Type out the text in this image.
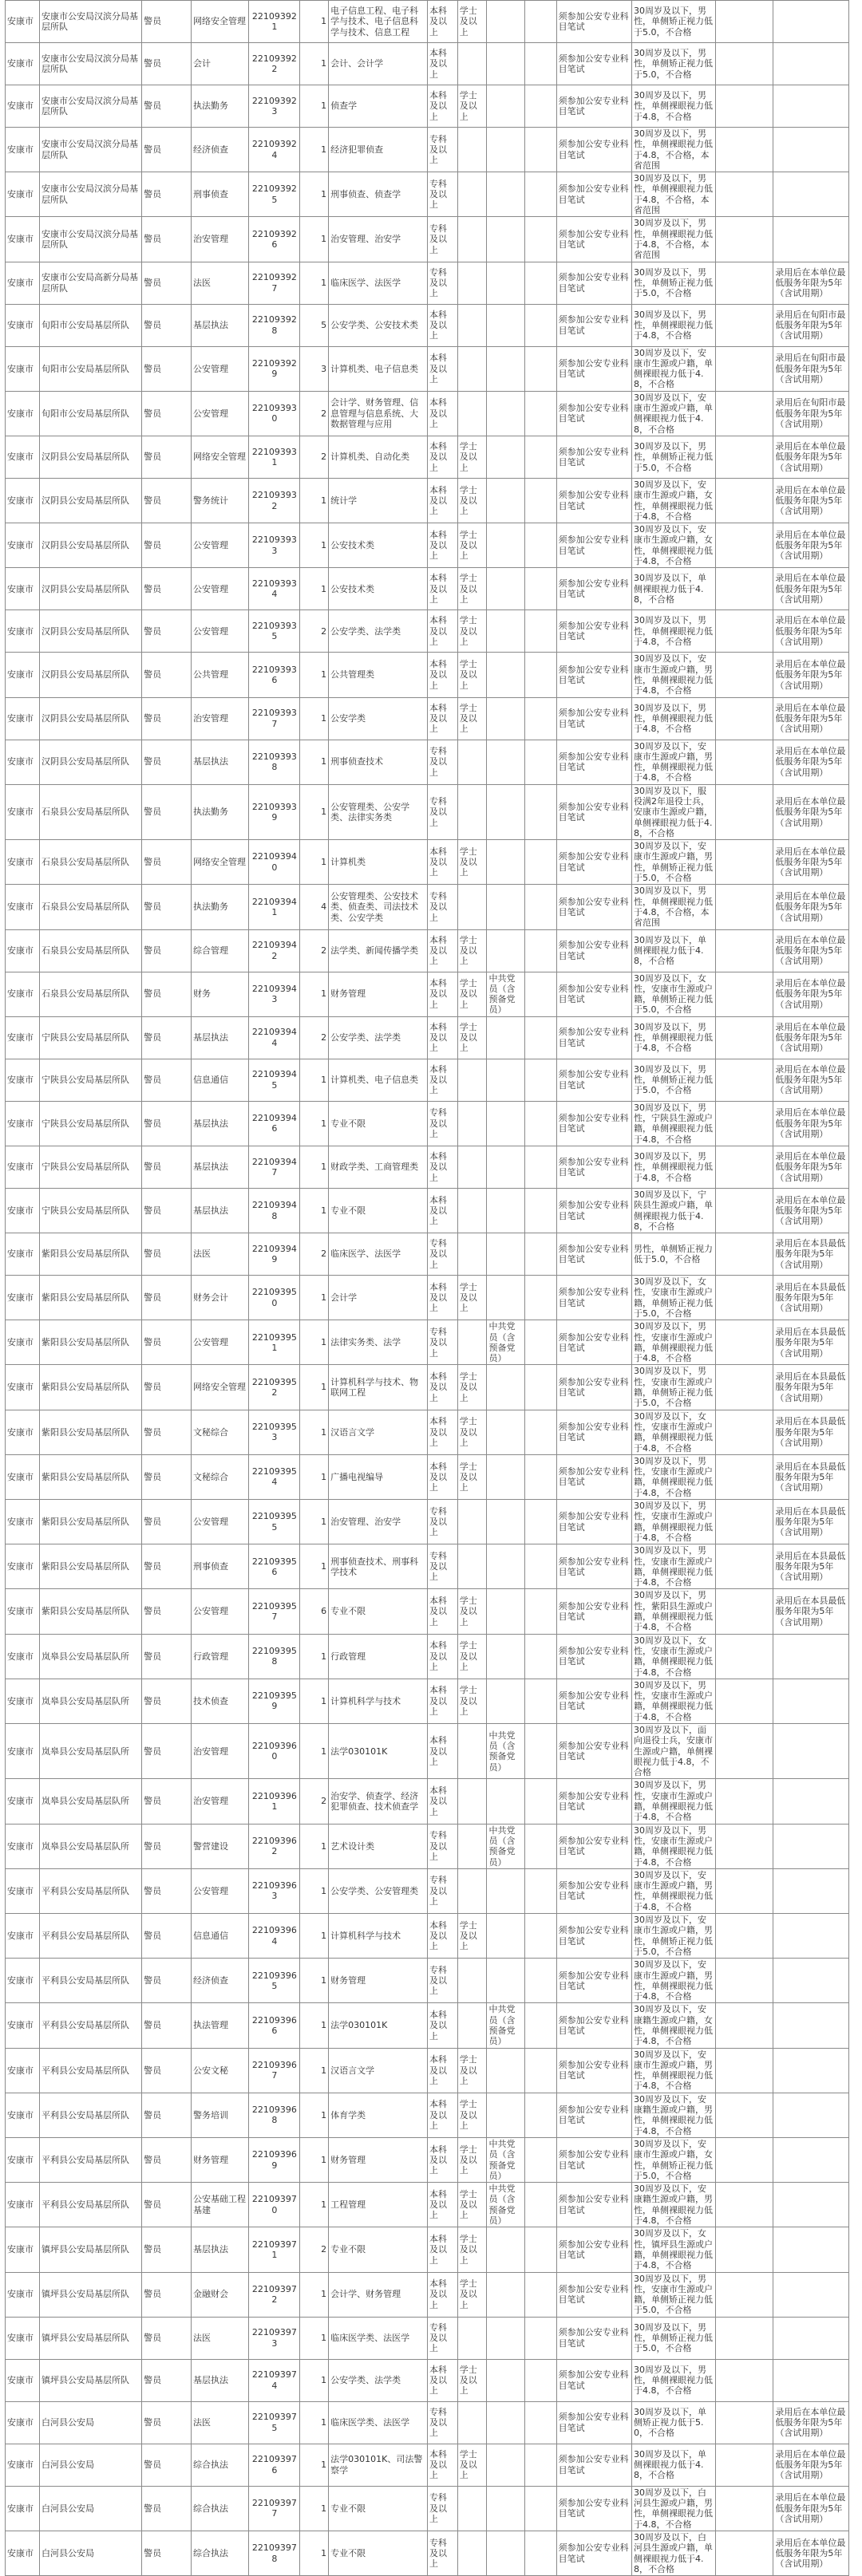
安康市	安康市公安局汉滨分局基层所队	警员	网络安全管理	221093921	1	电子信息工程、电子科学与技术、电子信息科学与技术、信息工程	本科及以上	学士及以上			须参加公安专业科目笔试	30周岁及以下，男性，单侧矫正视力低于5.0，不合格		
安康市	安康市公安局汉滨分局基层所队	警员	会计	221093922	1	会计、会计学	本科及以上				须参加公安专业科目笔试	30周岁及以下，男性，单侧矫正视力低于5.0，不合格		
安康市	安康市公安局汉滨分局基层所队	警员	执法勤务	221093923	1	侦查学	本科及以上	学士及以上			须参加公安专业科目笔试	30周岁及以下，男性，单侧裸眼视力低于4.8，不合格		
安康市	安康市公安局汉滨分局基层所队	警员	经济侦查	221093924	1	经济犯罪侦查	专科及以上				须参加公安专业科目笔试	30周岁及以下，男性，单侧裸眼视力低于4.8，不合格，本省范围		
安康市	安康市公安局汉滨分局基层所队	警员	刑事侦查	221093925	1	刑事侦查、侦查学	专科及以上				须参加公安专业科目笔试	30周岁及以下，男性，单侧裸眼视力低于4.8，不合格，本省范围		
安康市	安康市公安局汉滨分局基层所队	警员	治安管理	221093926	1	治安管理、治安学	专科及以上				须参加公安专业科目笔试	30周岁及以下，男性，单侧裸眼视力低于4.8，不合格，本省范围		
安康市	安康市公安局高新分局基层所队	警员	法医	221093927	1	临床医学、法医学	专科及以上				须参加公安专业科目笔试	30周岁及以下，男性，单侧矫正视力低于5.0，不合格		录用后在本单位最低服务年限为5年（含试用期）
安康市	旬阳市公安局基层所队	警员	基层执法	221093928	5	公安学类、公安技术类	本科及以上				须参加公安专业科目笔试	30周岁及以下，男性，单侧裸眼视力低于4.8，不合格		录用后在旬阳市最低服务年限为5年（含试用期）
安康市	旬阳市公安局基层所队	警员	公安管理	221093929	3	计算机类、电子信息类	本科及以上				须参加公安专业科目笔试	30周岁及以下，安康市生源或户籍，单侧裸眼视力低于4.8，不合格		录用后在旬阳市最低服务年限为5年（含试用期）
安康市	旬阳市公安局基层所队	警员	公安管理	221093930	2	会计学、财务管理、信息管理与信息系统、大数据管理与应用	本科及以上				须参加公安专业科目笔试	30周岁及以下，安康市生源或户籍，单侧裸眼视力低于4.8，不合格		录用后在旬阳市最低服务年限为5年（含试用期）
安康市	汉阴县公安局基层所队	警员	网络安全管理	221093931	2	计算机类、自动化类	本科及以上	学士及以上			须参加公安专业科目笔试	30周岁及以下，男性，单侧矫正视力低于5.0，不合格		录用后在本单位最低服务年限为5年（含试用期）
安康市	汉阴县公安局基层所队	警员	警务统计	221093932	1	统计学	本科及以上	学士及以上			须参加公安专业科目笔试	30周岁及以下，安康市生源或户籍，女性，单侧裸眼视力低于4.8，不合格		录用后在本单位最低服务年限为5年（含试用期）
安康市	汉阴县公安局基层所队	警员	公安管理	221093933	1	公安技术类	本科及以上	学士及以上			须参加公安专业科目笔试	30周岁及以下，安康市生源或户籍，女性，单侧裸眼视力低于4.8，不合格		录用后在本单位最低服务年限为5年（含试用期）
安康市	汉阴县公安局基层所队	警员	公安管理	221093934	1	公安技术类	本科及以上	学士及以上			须参加公安专业科目笔试	30周岁及以下，单侧裸眼视力低于4.8，不合格		录用后在本单位最低服务年限为5年（含试用期）
安康市	汉阴县公安局基层所队	警员	公安管理	221093935	2	公安学类、法学类	本科及以上	学士及以上			须参加公安专业科目笔试	30周岁及以下，男性，单侧裸眼视力低于4.8，不合格		录用后在本单位最低服务年限为5年（含试用期）
安康市	汉阴县公安局基层所队	警员	公共管理	221093936	1	公共管理类	本科及以上	学士及以上			须参加公安专业科目笔试	30周岁及以下，安康市生源或户籍，男性，单侧裸眼视力低于4.8，不合格		录用后在本单位最低服务年限为5年（含试用期）
安康市	汉阴县公安局基层所队	警员	治安管理	221093937	1	公安学类	本科及以上	学士及以上			须参加公安专业科目笔试	30周岁及以下，男性，单侧裸眼视力低于4.8，不合格		录用后在本单位最低服务年限为5年（含试用期）
安康市	汉阴县公安局基层所队	警员	基层执法	221093938	1	刑事侦查技术	专科及以上				须参加公安专业科目笔试	30周岁及以下，安康市生源或户籍，男性，单侧裸眼视力低于4.8，不合格		录用后在本单位最低服务年限为5年（含试用期）
安康市	石泉县公安局基层所队	警员	执法勤务	221093939	1	公安管理类、公安学类、法律实务类	专科及以上				须参加公安专业科目笔试	30周岁及以下，服役满2年退役士兵，安康市生源或户籍，单侧裸眼视力低于4.8，不合格		录用后在本单位最低服务年限为5年（含试用期）
安康市	石泉县公安局基层所队	警员	网络安全管理	221093940	1	计算机类	本科及以上	学士及以上			须参加公安专业科目笔试	30周岁及以下，安康市生源或户籍，男性，单侧矫正视力低于5.0，不合格		录用后在本单位最低服务年限为5年（含试用期）
安康市	石泉县公安局基层所队	警员	执法勤务	221093941	4	公安管理类、公安技术类、侦查类、司法技术类、公安学类	专科及以上				须参加公安专业科目笔试	30周岁及以下，男性，单侧裸眼视力低于4.8，不合格，本省范围		录用后在本单位最低服务年限为5年（含试用期）
安康市	石泉县公安局基层所队	警员	综合管理	221093942	2	法学类、新闻传播学类	本科及以上	学士及以上			须参加公安专业科目笔试	30周岁及以下，单侧裸眼视力低于4.8，不合格		录用后在本单位最低服务年限为5年（含试用期）
安康市	石泉县公安局基层所队	警员	财务	221093943	1	财务管理	本科及以上	学士及以上	中共党员（含预备党员）		须参加公安专业科目笔试	30周岁及以下，女性，安康市生源或户籍，单侧矫正视力低于5.0，不合格		录用后在本单位最低服务年限为5年（含试用期）
安康市	宁陕县公安局基层所队	警员	基层执法	221093944	2	公安学类、法学类	本科及以上	学士及以上			须参加公安专业科目笔试	30周岁及以下，男性，单侧裸眼视力低于4.8，不合格		录用后在本单位最低服务年限为5年（含试用期）
安康市	宁陕县公安局基层所队	警员	信息通信	221093945	1	计算机类、电子信息类	本科及以上				须参加公安专业科目笔试	30周岁及以下，男性，单侧矫正视力低于5.0，不合格		录用后在本单位最低服务年限为5年（含试用期）
安康市	宁陕县公安局基层所队	警员	基层执法	221093946	1	专业不限	专科及以上				须参加公安专业科目笔试	30周岁及以下，男性，宁陕县生源或户籍，单侧裸眼视力低于4.8，不合格		录用后在本单位最低服务年限为5年（含试用期）
安康市	宁陕县公安局基层所队	警员	基层执法	221093947	1	财政学类、工商管理类	本科及以上				须参加公安专业科目笔试	30周岁及以下，男性，单侧裸眼视力低于4.8，不合格		录用后在本单位最低服务年限为5年（含试用期）
安康市	宁陕县公安局基层所队	警员	基层执法	221093948	1	专业不限	本科及以上				须参加公安专业科目笔试	30周岁及以下，宁陕县生源或户籍，单侧裸眼视力低于4.8，不合格		录用后在本单位最低服务年限为5年（含试用期）
安康市	紫阳县公安局基层所队	警员	法医	221093949	2	临床医学、法医学	专科及以上				须参加公安专业科目笔试	男性，单侧矫正视力低于5.0，不合格		录用后在本县最低服务年限为5年（含试用期）
安康市	紫阳县公安局基层所队	警员	财务会计	221093950	1	会计学	本科及以上	学士及以上			须参加公安专业科目笔试	30周岁及以下，女性，安康市生源或户籍，单侧矫正视力低于5.0，不合格		录用后在本县最低服务年限为5年（含试用期）
安康市	紫阳县公安局基层所队	警员	公安管理	221093951	1	法律实务类、法学	专科及以上		中共党员（含预备党员）		须参加公安专业科目笔试	30周岁及以下，男性，安康市生源或户籍，单侧裸眼视力低于4.8，不合格		录用后在本县最低服务年限为5年（含试用期）
安康市	紫阳县公安局基层所队	警员	网络安全管理	221093952	1	计算机科学与技术、物联网工程	本科及以上	学士及以上			须参加公安专业科目笔试	30周岁及以下，男性，安康市生源或户籍，单侧矫正视力低于5.0，不合格		录用后在本县最低服务年限为5年（含试用期）
安康市	紫阳县公安局基层所队	警员	文秘综合	221093953	1	汉语言文学	本科及以上	学士及以上			须参加公安专业科目笔试	30周岁及以下，女性，安康市生源或户籍，单侧裸眼视力低于4.8，不合格		录用后在本县最低服务年限为5年（含试用期）
安康市	紫阳县公安局基层所队	警员	文秘综合	221093954	1	广播电视编导	本科及以上	学士及以上			须参加公安专业科目笔试	30周岁及以下，男性，安康市生源或户籍，单侧裸眼视力低于4.8，不合格		录用后在本县最低服务年限为5年（含试用期）
安康市	紫阳县公安局基层所队	警员	公安管理	221093955	1	治安管理、治安学	专科及以上				须参加公安专业科目笔试	30周岁及以下，男性，安康市生源或户籍，单侧裸眼视力低于4.8，不合格		录用后在本县最低服务年限为5年（含试用期）
安康市	紫阳县公安局基层所队	警员	刑事侦查	221093956	1	刑事侦查技术、刑事科学技术	专科及以上				须参加公安专业科目笔试	30周岁及以下，男性，安康市生源或户籍，单侧裸眼视力低于4.8，不合格		录用后在本县最低服务年限为5年（含试用期）
安康市	紫阳县公安局基层所队	警员	公安管理	221093957	6	专业不限	本科及以上	学士及以上			须参加公安专业科目笔试	30周岁及以下，男性，紫阳县生源或户籍，单侧裸眼视力低于4.8，不合格		录用后在本县最低服务年限为5年（含试用期）
安康市	岚皋县公安局基层队所	警员	行政管理	221093958	1	行政管理	本科及以上	学士及以上			须参加公安专业科目笔试	30周岁及以下，女性，安康市生源或户籍，单侧裸眼视力低于4.8，不合格		
安康市	岚皋县公安局基层队所	警员	技术侦查	221093959	1	计算机科学与技术	本科及以上	学士及以上			须参加公安专业科目笔试	30周岁及以下，男性，安康市生源或户籍，单侧裸眼视力低于4.8，不合格		
安康市	岚皋县公安局基层队所	警员	治安管理	221093960	1	法学030101K	本科及以上		中共党员（含预备党员）		须参加公安专业科目笔试	30周岁及以下，面向退役士兵，安康市生源或户籍，单侧裸眼视力低于4.8，不合格		
安康市	岚皋县公安局基层队所	警员	治安管理	221093961	2	治安学、侦查学、经济犯罪侦查、技术侦查学	本科及以上				须参加公安专业科目笔试	30周岁及以下，男性，安康市生源或户籍，单侧裸眼视力低于4.8，不合格		
安康市	岚皋县公安局基层队所	警员	警营建设	221093962	1	艺术设计类	专科及以上		中共党员（含预备党员）		须参加公安专业科目笔试	30周岁及以下，男性，安康市生源或户籍，单侧裸眼视力低于4.8，不合格		
安康市	平利县公安局基层所队	警员	公安管理	221093963	1	公安学类、公安管理类	专科及以上				须参加公安专业科目笔试	30周岁及以下，安康市生源或户籍，男性，单侧裸眼视力低于4.8，不合格		
安康市	平利县公安局基层所队	警员	信息通信	221093964	1	计算机科学与技术	本科及以上	学士及以上			须参加公安专业科目笔试	30周岁及以下，安康市生源或户籍，男性，单侧矫正视力低于5.0，不合格		
安康市	平利县公安局基层所队	警员	经济侦查	221093965	1	财务管理	专科及以上				须参加公安专业科目笔试	30周岁及以下，安康市生源或户籍，男性，单侧裸眼视力低于4.8，不合格		
安康市	平利县公安局基层所队	警员	执法管理	221093966	1	法学030101K	本科及以上		中共党员（含预备党员）		须参加公安专业科目笔试	30周岁及以下，安康籍生源或户籍，女性，单侧裸眼视力低于4.8，不合格		
安康市	平利县公安局基层所队	警员	公安文秘	221093967	1	汉语言文学	本科及以上	学士及以上			须参加公安专业科目笔试	30周岁及以下，安康市生源或户籍，男性，单侧裸眼视力低于4.8，不合格		
安康市	平利县公安局基层所队	警员	警务培训	221093968	1	体育学类	本科及以上	学士及以上			须参加公安专业科目笔试	30周岁及以下，安康籍生源或户籍，男性，单侧裸眼视力低于4.8，不合格		
安康市	平利县公安局基层所队	警员	财务管理	221093969	1	财务管理	本科及以上	学士及以上	中共党员（含预备党员）		须参加公安专业科目笔试	30周岁及以下，安康市生源或户籍，女性，单侧矫正视力低于5.0，不合格		
安康市	平利县公安局基层所队	警员	公安基础工程基建	221093970	1	工程管理	本科及以上	学士及以上	中共党员（含预备党员）		须参加公安专业科目笔试	30周岁及以下，安康籍生源或户籍，男性，单侧裸眼视力低于4.8，不合格		
安康市	镇坪县公安局基层所队	警员	基层执法	221093971	2	专业不限	本科及以上	学士及以上			须参加公安专业科目笔试	30周岁及以下，女性，镇坪县生源或户籍，单侧裸眼视力低于4.8，不合格		
安康市	镇坪县公安局基层所队	警员	金融财会	221093972	1	会计学、财务管理	本科及以上	学士及以上			须参加公安专业科目笔试	30周岁及以下，男性，安康市生源或户籍，单侧矫正视力低于5.0，不合格		
安康市	镇坪县公安局基层所队	警员	法医	221093973	1	临床医学类、法医学	专科及以上				须参加公安专业科目笔试	30周岁及以下，男性，单侧矫正视力低于5.0，不合格		
安康市	镇坪县公安局基层所队	警员	基层执法	221093974	1	公安学类、法学类	本科及以上	学士及以上			须参加公安专业科目笔试	30周岁及以下，男性，单侧裸眼视力低于4.8，不合格		
安康市	白河县公安局	警员	法医	221093975	1	临床医学类、法医学	专科及以上				须参加公安专业科目笔试	30周岁及以下，单侧矫正视力低于5.0，不合格		录用后在本单位最低服务年限为5年（含试用期）
安康市	白河县公安局	警员	综合执法	221093976	1	法学030101K、司法警察学	本科及以上	学士及以上			须参加公安专业科目笔试	30周岁及以下，单侧裸眼视力低于4.8，不合格		录用后在本单位最低服务年限为5年（含试用期）
安康市	白河县公安局	警员	综合执法	221093977	1	专业不限	专科及以上				须参加公安专业科目笔试	30周岁及以下，白河县生源或户籍，男性，单侧裸眼视力低于4.8，不合格		录用后在本单位最低服务年限为5年（含试用期）
安康市	白河县公安局	警员	综合执法	221093978	1	专业不限	专科及以上				须参加公安专业科目笔试	30周岁及以下，白河县生源或户籍，单侧裸眼视力低于4.8，不合格		录用后在本单位最低服务年限为5年（含试用期）
